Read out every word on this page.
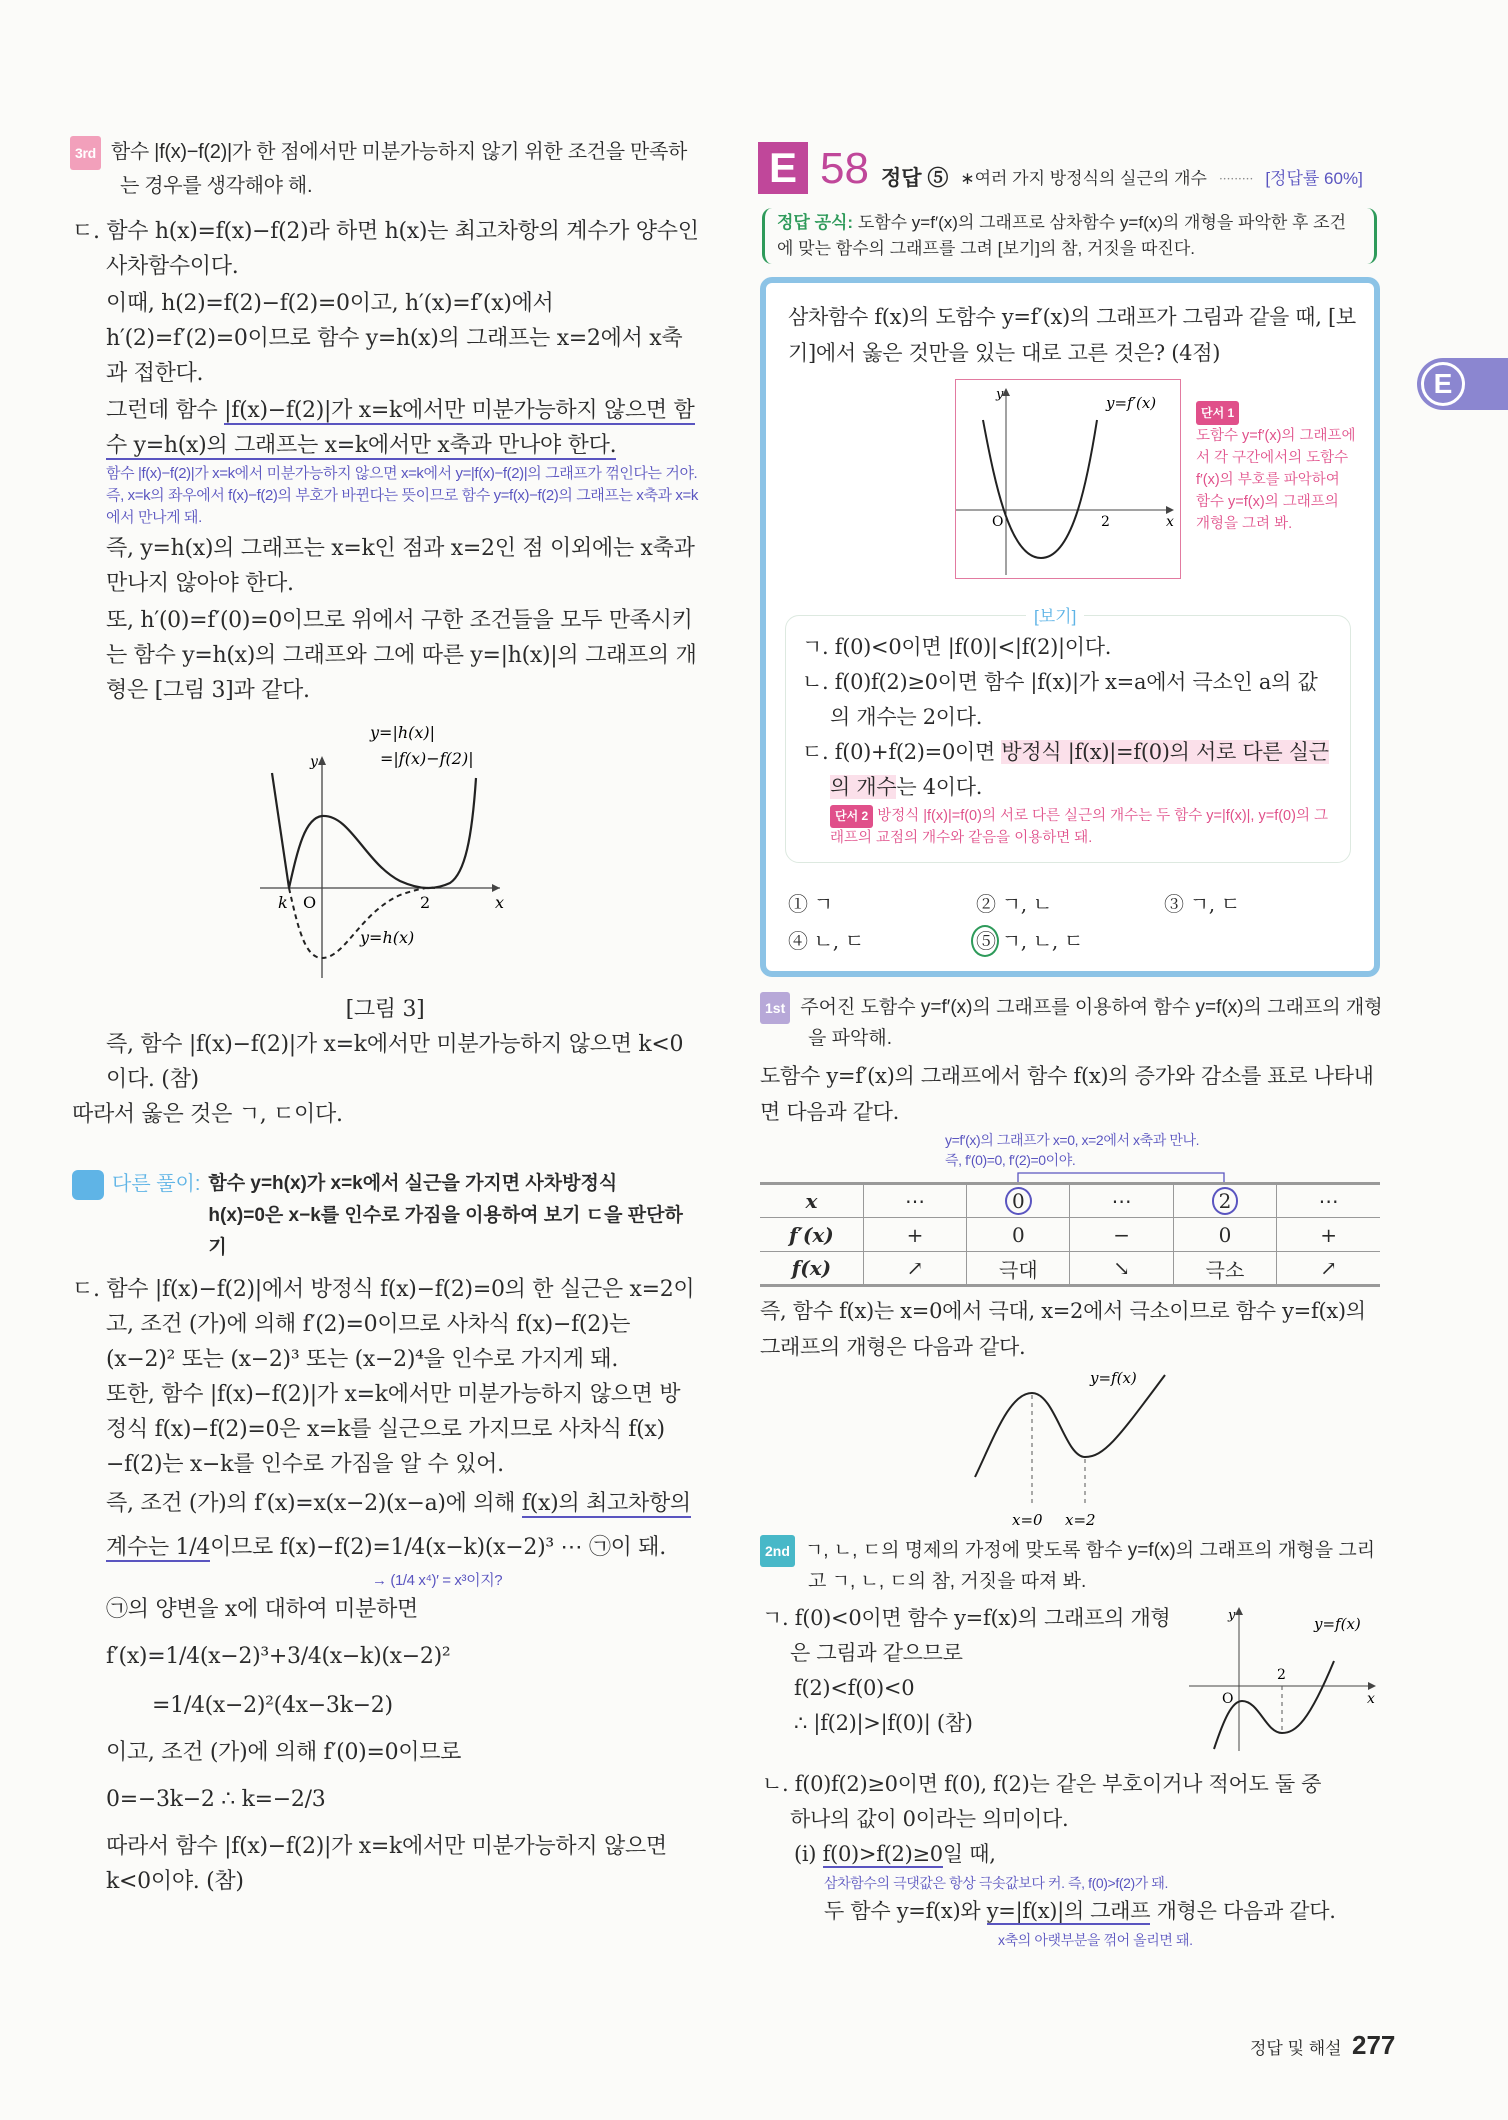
3rd 함수 |f(x)−f(2)|가 한 점에서만 미분가능하지 않기 위한 조건을 만족하는 경우를 생각해야 해.

ㄷ. 함수 h(x)=f(x)−f(2)라 하면 h(x)는 최고차항의 계수가 양수인 사차함수이다.

이때, h(2)=f(2)−f(2)=0이고, h′(x)=f′(x)에서 h′(2)=f′(2)=0이므로 함수 y=h(x)의 그래프는 x=2에서 x축과 접한다.

그런데 함수 |f(x)−f(2)|가 x=k에서만 미분가능하지 않으면 함수 y=h(x)의 그래프는 x=k에서만 x축과 만나야 한다.

함수 |f(x)−f(2)|가 x=k에서 미분가능하지 않으면 x=k에서 y=|f(x)−f(2)|의 그래프가 꺾인다는 거야. 즉, x=k의 좌우에서 f(x)−f(2)의 부호가 바뀐다는 뜻이므로 함수 y=f(x)−f(2)의 그래프는 x축과 x=k에서 만나게 돼.

즉, y=h(x)의 그래프는 x=k인 점과 x=2인 점 이외에는 x축과 만나지 않아야 한다.

또, h′(0)=f′(0)=0이므로 위에서 구한 조건들을 모두 만족시키는 함수 y=h(x)의 그래프와 그에 따른 y=|h(x)|의 그래프의 개형은 [그림 3]과 같다.

y=|h(x)|
=|f(x)−f(2)|
y
x
k O	2
y=h(x)
[그림 3]

즉, 함수 |f(x)−f(2)|가 x=k에서만 미분가능하지 않으면 k<0이다. (참)

따라서 옳은 것은 ㄱ, ㄷ이다.

다른 풀이: 함수 y=h(x)가 x=k에서 실근을 가지면 사차방정식
h(x)=0은 x−k를 인수로 가짐을 이용하여 보기 ㄷ을 판단하기

ㄷ. 함수 |f(x)−f(2)|에서 방정식 f(x)−f(2)=0의 한 실근은 x=2이고, 조건 (가)에 의해 f′(2)=0이므로 사차식 f(x)−f(2)는 (x−2)² 또는 (x−2)³ 또는 (x−2)⁴을 인수로 가지게 돼.

또한, 함수 |f(x)−f(2)|가 x=k에서만 미분가능하지 않으면 방정식 f(x)−f(2)=0은 x=k를 실근으로 가지므로 사차식 f(x)−f(2)는 x−k를 인수로 가짐을 알 수 있어.

즉, 조건 (가)의 f′(x)=x(x−2)(x−a)에 의해 f(x)의 최고차항의 계수는 1/4이므로 f(x)−f(2)=1/4(x−k)(x−2)³ ⋯ ㉠이 돼.

→ (1/4 x⁴)′ = x³이지?

㉠의 양변을 x에 대하여 미분하면

f′(x)=1/4(x−2)³+3/4(x−k)(x−2)²

=1/4(x−2)²(4x−3k−2)

이고, 조건 (가)에 의해 f′(0)=0이므로

0=−3k−2 ∴ k=−2/3

따라서 함수 |f(x)−f(2)|가 x=k에서만 미분가능하지 않으면 k<0이야. (참)

E 58 정답 ⑤ ∗여러 가지 방정식의 실근의 개수 ········· [정답률 60%]
정답 공식: 도함수 y=f′(x)의 그래프로 삼차함수 y=f(x)의 개형을 파악한 후 조건에 맞는 함수의 그래프를 그려 [보기]의 참, 거짓을 따진다.

삼차함수 f(x)의 도함수 y=f′(x)의 그래프가 그림과 같을 때, [보기]에서 옳은 것만을 있는 대로 고른 것은? (4점)

y	y=f′(x)
O	2	x
단서 1
도함수 y=f′(x)의 그래프에서 각 구간에서의 도함수 f′(x)의 부호를 파악하여 함수 y=f(x)의 그래프의 개형을 그려 봐.
[보기]

ㄱ. f(0)<0이면 |f(0)|<|f(2)|이다.

ㄴ. f(0)f(2)≥0이면 함수 |f(x)|가 x=a에서 극소인 a의 값의 개수는 2이다.

ㄷ. f(0)+f(2)=0이면 방정식 |f(x)|=f(0)의 서로 다른 실근의 개수는 4이다.

단서 2 방정식 |f(x)|=f(0)의 서로 다른 실근의 개수는 두 함수 y=|f(x)|, y=f(0)의 그래프의 교점의 개수와 같음을 이용하면 돼.

① ㄱ	② ㄱ, ㄴ	③ ㄱ, ㄷ
④ ㄴ, ㄷ	⑤ ㄱ, ㄴ, ㄷ
1st 주어진 도함수 y=f′(x)의 그래프를 이용하여 함수 y=f(x)의 그래프의 개형을 파악해.

도함수 y=f′(x)의 그래프에서 함수 f(x)의 증가와 감소를 표로 나타내면 다음과 같다.

y=f′(x)의 그래프가 x=0, x=2에서 x축과 만나.
즉, f′(0)=0, f′(2)=0이야.
x	⋯	0	⋯	2	⋯
f′(x)	+	0	−	0	+
f(x)	↗	극대	↘	극소	↗

즉, 함수 f(x)는 x=0에서 극대, x=2에서 극소이므로 함수 y=f(x)의 그래프의 개형은 다음과 같다.

y=f(x)
x=0 x=2
2nd ㄱ, ㄴ, ㄷ의 명제의 가정에 맞도록 함수 y=f(x)의 그래프의 개형을 그리고 ㄱ, ㄴ, ㄷ의 참, 거짓을 따져 봐.

ㄱ. f(0)<0이면 함수 y=f(x)의 그래프의 개형은 그림과 같으므로

f(2)<f(0)<0

∴ |f(2)|>|f(0)| (참)

y	y=f(x)
2
O	x

ㄴ. f(0)f(2)≥0이면 f(0), f(2)는 같은 부호이거나 적어도 둘 중 하나의 값이 0이라는 의미이다.

(i) f(0)>f(2)≥0일 때,

삼차함수의 극댓값은 항상 극솟값보다 커. 즉, f(0)>f(2)가 돼.

두 함수 y=f(x)와 y=|f(x)|의 그래프 개형은 다음과 같다.

x축의 아랫부분을 꺾어 올리면 돼.

E
정답 및 해설 277
